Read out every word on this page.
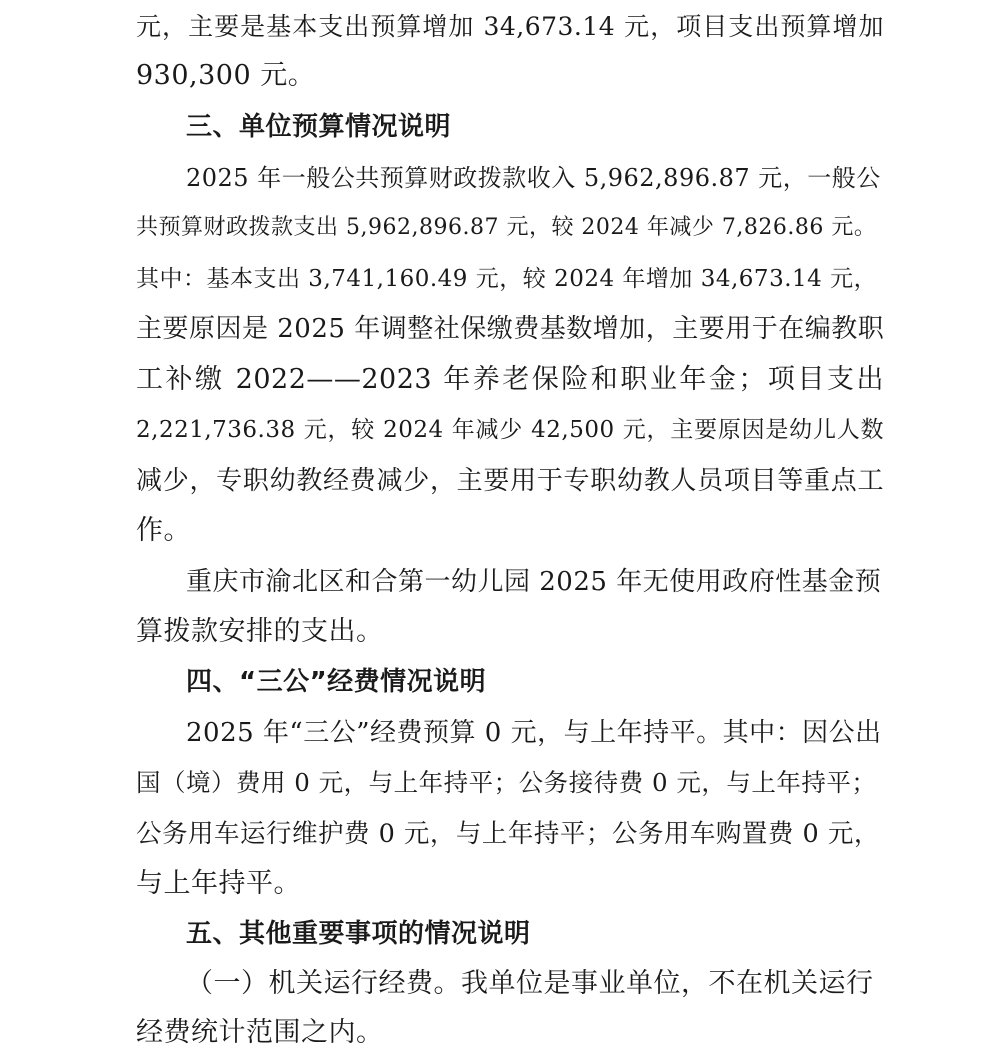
元，主要是基本支出预算增加 34,673.14 元，项目支出预算增加
930,300 元。
三、单位预算情况说明
2025 年一般公共预算财政拨款收入 5,962,896.87 元，一般公
共预算财政拨款支出 5,962,896.87 元，较 2024 年减少 7,826.86 元。
其中：基本支出 3,741,160.49 元，较 2024 年增加 34,673.14 元，
主要原因是 2025 年调整社保缴费基数增加，主要用于在编教职
工补缴 2022——2023 年养老保险和职业年金；项目支出
2,221,736.38 元，较 2024 年减少 42,500 元，主要原因是幼儿人数
减少，专职幼教经费减少，主要用于专职幼教人员项目等重点工
作。
重庆市渝北区和合第一幼儿园 2025 年无使用政府性基金预
算拨款安排的支出。
四、“三公”经费情况说明
2025 年“三公”经费预算 0 元，与上年持平。其中：因公出
国（境）费用 0 元，与上年持平；公务接待费 0 元，与上年持平；
公务用车运行维护费 0 元，与上年持平；公务用车购置费 0 元，
与上年持平。
五、其他重要事项的情况说明
（一）机关运行经费。我单位是事业单位，不在机关运行
经费统计范围之内。
